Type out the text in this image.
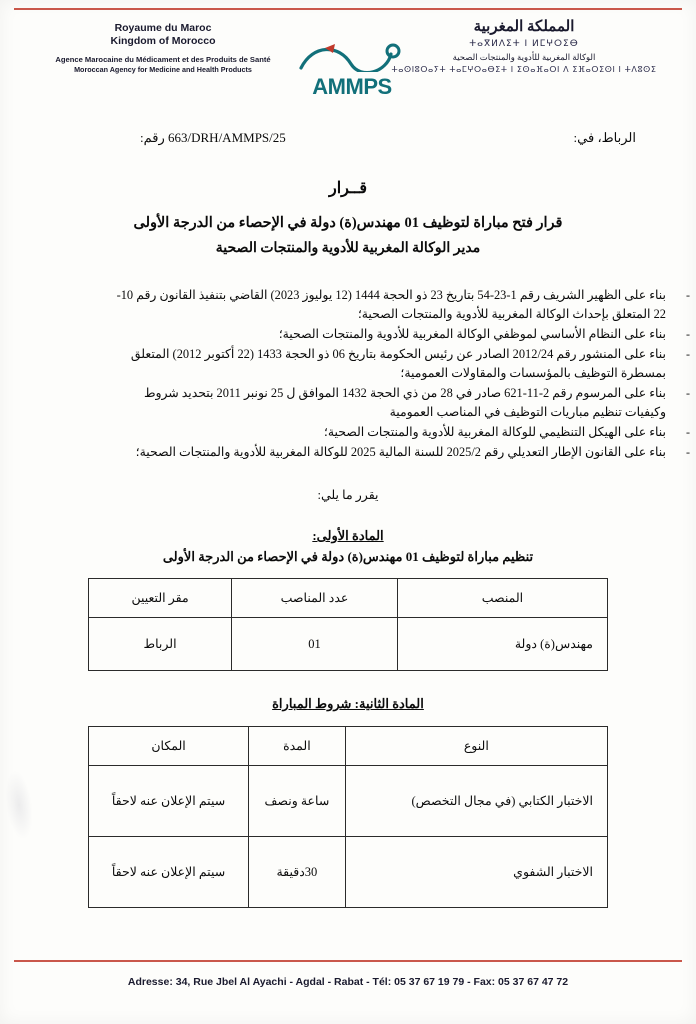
Royaume du Maroc
Kingdom of Morocco
Agence Marocaine du Médicament et des Produits de Santé
Moroccan Agency for Medicine and Health Products
AMMPS
المملكة المغربية
ⵜⴰⴳⵍⴷⵉⵜ ⵏ ⵍⵎⵖⵔⵉⴱ
الوكالة المغربية للأدوية والمنتجات الصحية
ⵜⴰⵙⵏⵓⵔⴰⵢⵜ ⵜⴰⵎⵖⵔⴰⴱⵉⵜ ⵏ ⵉⵙⴰⴼⴰⵔⵏ ⴷ ⵉⴼⴰⵔⵉⵙⵏ ⵏ ⵜⴷⵓⵙⵉ
663/DRH/AMMPS/25 رقم:	الرباط، في:
قــرار
قرار فتح مباراة لتوظيف 01 مهندس(ة) دولة في الإحصاء من الدرجة الأولى
مدير الوكالة المغربية للأدوية والمنتجات الصحية
-
بناء على الظهير الشريف رقم 1-23-54 بتاريخ 23 ذو الحجة 1444 (12 يوليوز 2023) القاضي بتنفيذ القانون رقم 10-22 المتعلق بإحداث الوكالة المغربية للأدوية والمنتجات الصحية؛
-
بناء على النظام الأساسي لموظفي الوكالة المغربية للأدوية والمنتجات الصحية؛
-
بناء على المنشور رقم 2012/24 الصادر عن رئيس الحكومة بتاريخ 06 ذو الحجة 1433 (22 أكتوبر 2012) المتعلق بمسطرة التوظيف بالمؤسسات والمقاولات العمومية؛
-
بناء على المرسوم رقم 2-11-621 صادر في 28 من ذي الحجة 1432 الموافق ل 25 نونبر 2011 بتحديد شروط وكيفيات تنظيم مباريات التوظيف في المناصب العمومية
-
بناء على الهيكل التنظيمي للوكالة المغربية للأدوية والمنتجات الصحية؛
-
بناء على القانون الإطار التعديلي رقم 2025/2 للسنة المالية 2025 للوكالة المغربية للأدوية والمنتجات الصحية؛
يقرر ما يلي:
المادة الأولى:
تنظيم مباراة لتوظيف 01 مهندس(ة) دولة في الإحصاء من الدرجة الأولى
المنصب	عدد المناصب	مقر التعيين
مهندس(ة) دولة	01	الرباط
المادة الثانية: شروط المباراة
النوع	المدة	المكان
الاختبار الكتابي (في مجال التخصص)	ساعة ونصف	سيتم الإعلان عنه لاحقاً
الاختبار الشفوي	30دقيقة	سيتم الإعلان عنه لاحقاً
Adresse: 34, Rue Jbel Al Ayachi - Agdal - Rabat - Tél: 05 37 67 19 79 - Fax: 05 37 67 47 72
